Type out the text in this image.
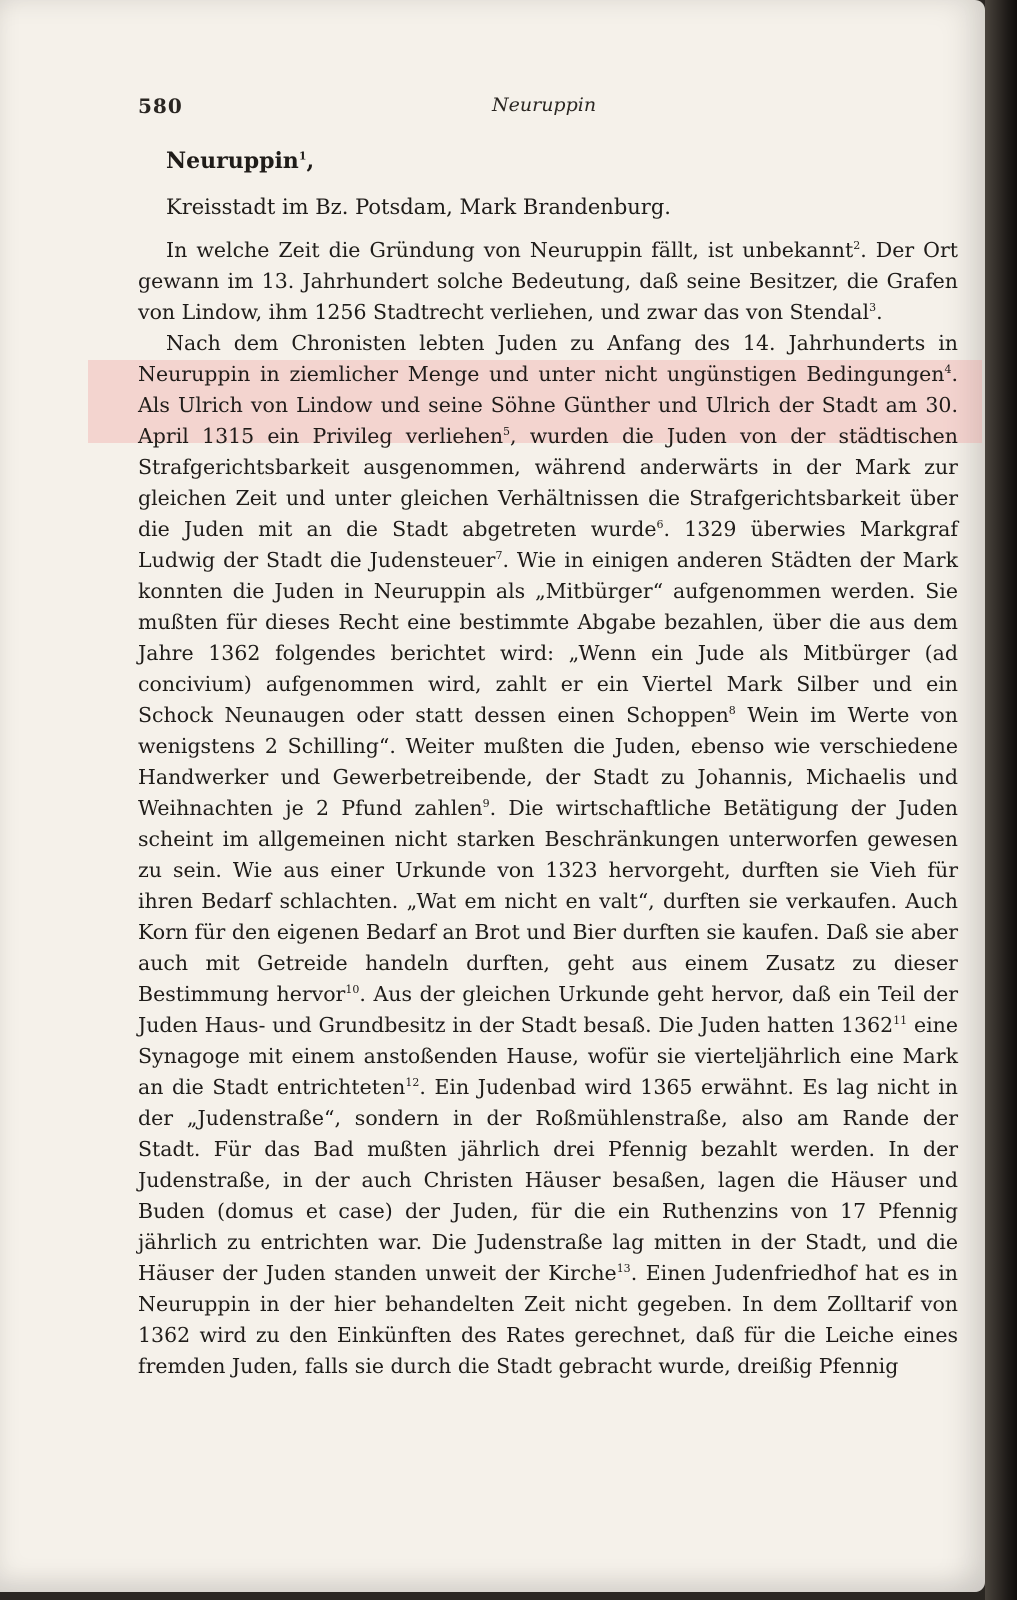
580	Neuruppin
Neuruppin$^1$,
Kreisstadt im Bz. Potsdam, Mark Brandenburg.

In welche Zeit die Gründung von Neuruppin fällt, ist unbekannt$^2$. Der Ort gewann im 13. Jahrhundert solche Bedeutung, daß seine Besitzer, die Grafen von Lindow, ihm 1256 Stadtrecht verliehen, und zwar das von Stendal$^3$.

Nach dem Chronisten lebten Juden zu Anfang des 14. Jahrhunderts in Neuruppin in ziemlicher Menge und unter nicht ungünstigen Bedingungen$^4$. Als Ulrich von Lindow und seine Söhne Günther und Ulrich der Stadt am 30. April 1315 ein Privileg verliehen$^5$, wurden die Juden von der städtischen Strafgerichtsbarkeit ausgenommen, während anderwärts in der Mark zur gleichen Zeit und unter gleichen Verhältnissen die Strafgerichtsbarkeit über die Juden mit an die Stadt abgetreten wurde$^6$. 1329 überwies Markgraf Ludwig der Stadt die Judensteuer$^7$. Wie in einigen anderen Städten der Mark konnten die Juden in Neuruppin als „Mitbürger“ aufgenommen werden. Sie mußten für dieses Recht eine bestimmte Abgabe bezahlen, über die aus dem Jahre 1362 folgendes berichtet wird: „Wenn ein Jude als Mitbürger (ad concivium) aufgenommen wird, zahlt er ein Viertel Mark Silber und ein Schock Neunaugen oder statt dessen einen Schoppen$^8$ Wein im Werte von wenigstens 2 Schilling“. Weiter mußten die Juden, ebenso wie verschiedene Handwerker und Gewerbetreibende, der Stadt zu Johannis, Michaelis und Weihnachten je 2 Pfund zahlen$^9$. Die wirtschaftliche Betätigung der Juden scheint im allgemeinen nicht starken Beschränkungen unterworfen gewesen zu sein. Wie aus einer Urkunde von 1323 hervorgeht, durften sie Vieh für ihren Bedarf schlachten. „Wat em nicht en valt“, durften sie verkaufen. Auch Korn für den eigenen Bedarf an Brot und Bier durften sie kaufen. Daß sie aber auch mit Getreide handeln durften, geht aus einem Zusatz zu dieser Bestimmung hervor$^{10}$. Aus der gleichen Urkunde geht hervor, daß ein Teil der Juden Haus- und Grundbesitz in der Stadt besaß. Die Juden hatten 1362$^{11}$ eine Synagoge mit einem anstoßenden Hause, wofür sie vierteljährlich eine Mark an die Stadt entrichteten$^{12}$. Ein Judenbad wird 1365 erwähnt. Es lag nicht in der „Judenstraße“, sondern in der Roßmühlenstraße, also am Rande der Stadt. Für das Bad mußten jährlich drei Pfennig bezahlt werden. In der Judenstraße, in der auch Christen Häuser besaßen, lagen die Häuser und Buden (domus et case) der Juden, für die ein Ruthenzins von 17 Pfennig jährlich zu entrichten war. Die Judenstraße lag mitten in der Stadt, und die Häuser der Juden standen unweit der Kirche$^{13}$. Einen Judenfriedhof hat es in Neuruppin in der hier behandelten Zeit nicht gegeben. In dem Zolltarif von 1362 wird zu den Einkünften des Rates gerechnet, daß für die Leiche eines fremden Juden, falls sie durch die Stadt gebracht wurde, dreißig Pfennig
